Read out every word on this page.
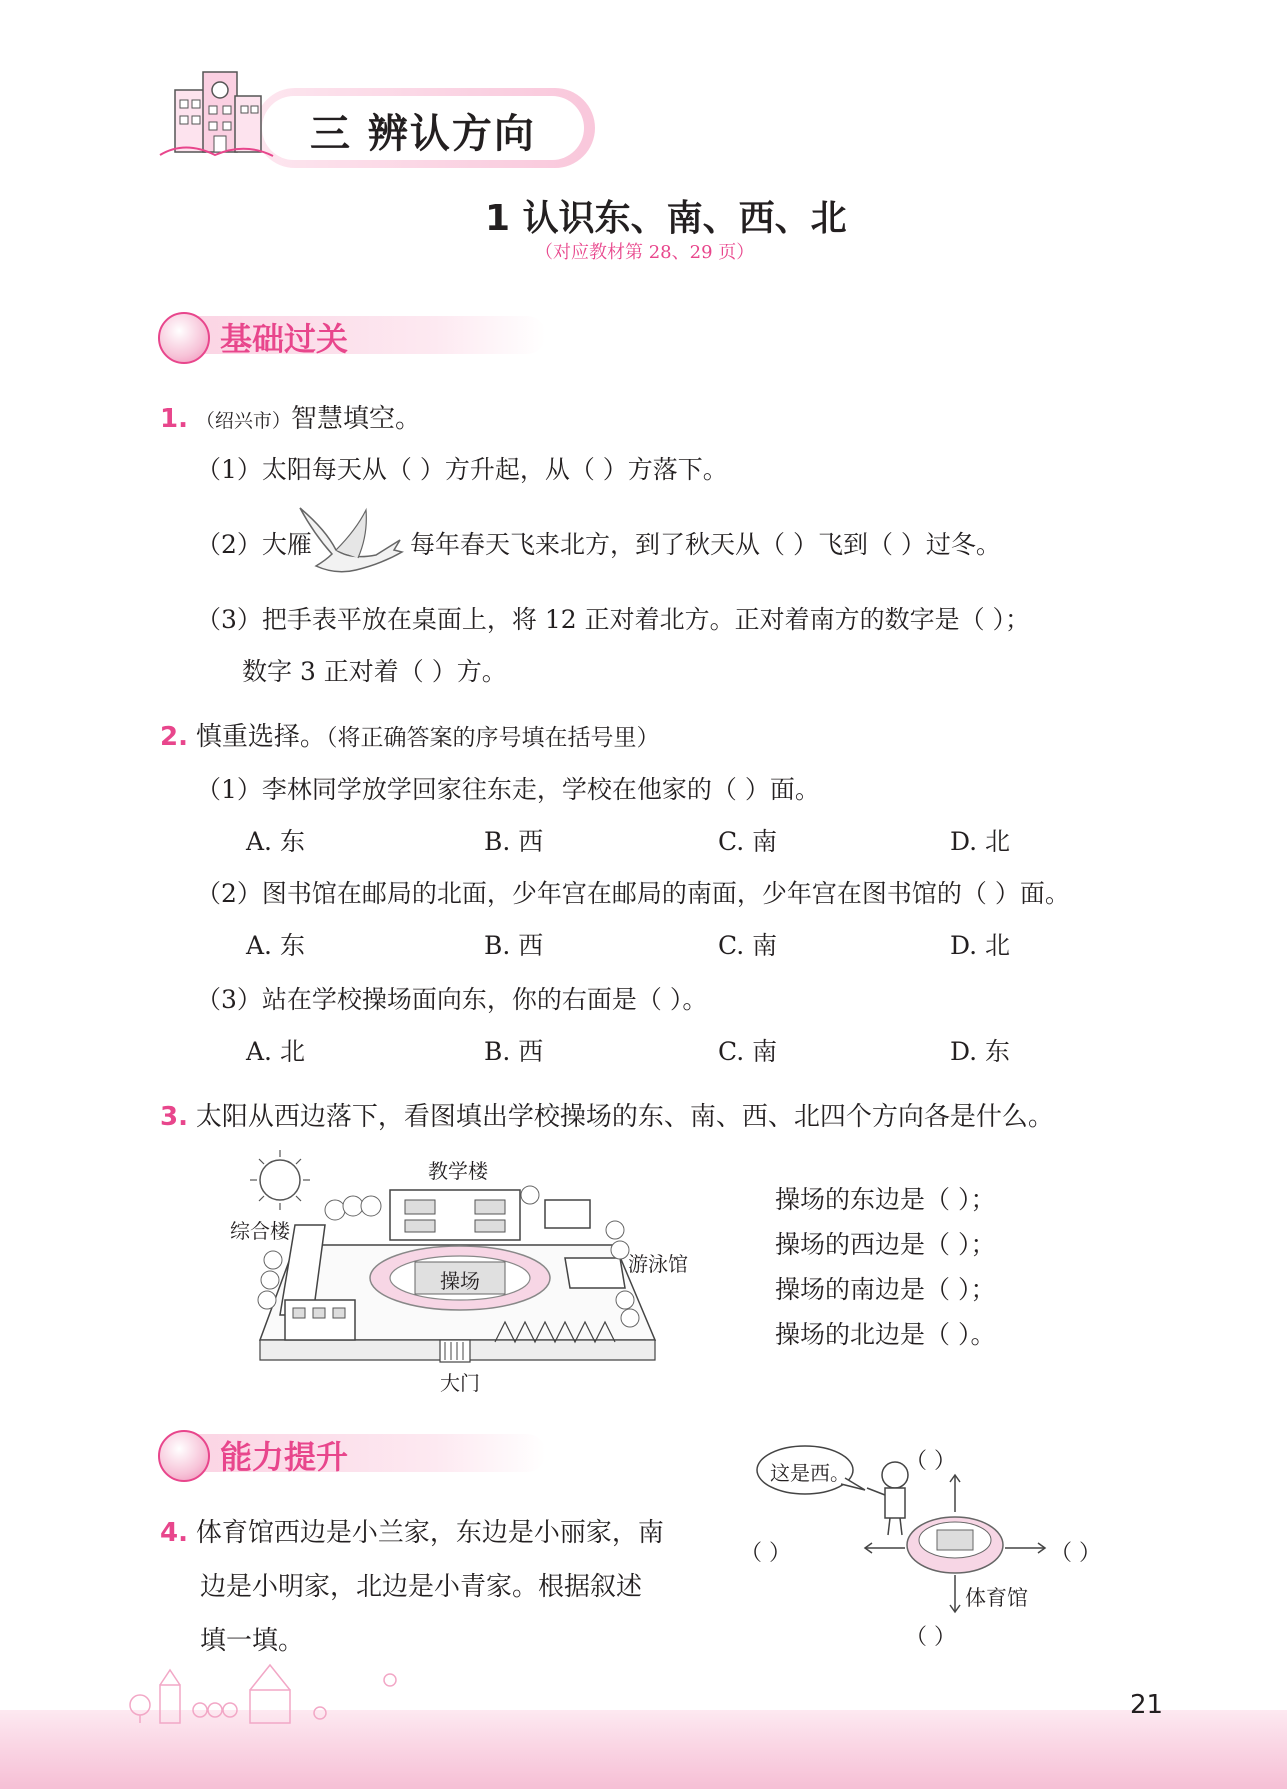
三 辨认方向
1 认识东、南、西、北
（对应教材第 28、29 页）
基础过关
1. （绍兴市）智慧填空。
（1）太阳每天从（ ）方升起，从（ ）方落下。
（2）大雁	每年春天飞来北方，到了秋天从（ ）飞到（ ）过冬。
（3）把手表平放在桌面上，将 12 正对着北方。正对着南方的数字是（ ）；
数字 3 正对着（ ）方。
2. 慎重选择。（将正确答案的序号填在括号里）
（1）李林同学放学回家往东走，学校在他家的（ ）面。
A. 东	B. 西	C. 南	D. 北
（2）图书馆在邮局的北面，少年宫在邮局的南面，少年宫在图书馆的（ ）面。
A. 东	B. 西	C. 南	D. 北
（3）站在学校操场面向东，你的右面是（ ）。
A. 北	B. 西	C. 南	D. 东
3. 太阳从西边落下，看图填出学校操场的东、南、西、北四个方向各是什么。
教学楼
综合楼
游泳馆
操场
大门
操场的东边是（ ）；
操场的西边是（ ）；
操场的南边是（ ）；
操场的北边是（ ）。
能力提升
4. 体育馆西边是小兰家，东边是小丽家，南
边是小明家，北边是小青家。根据叙述
填一填。
这是西。
体育馆
（ ）
（ ）	（ ）
（ ）
21
